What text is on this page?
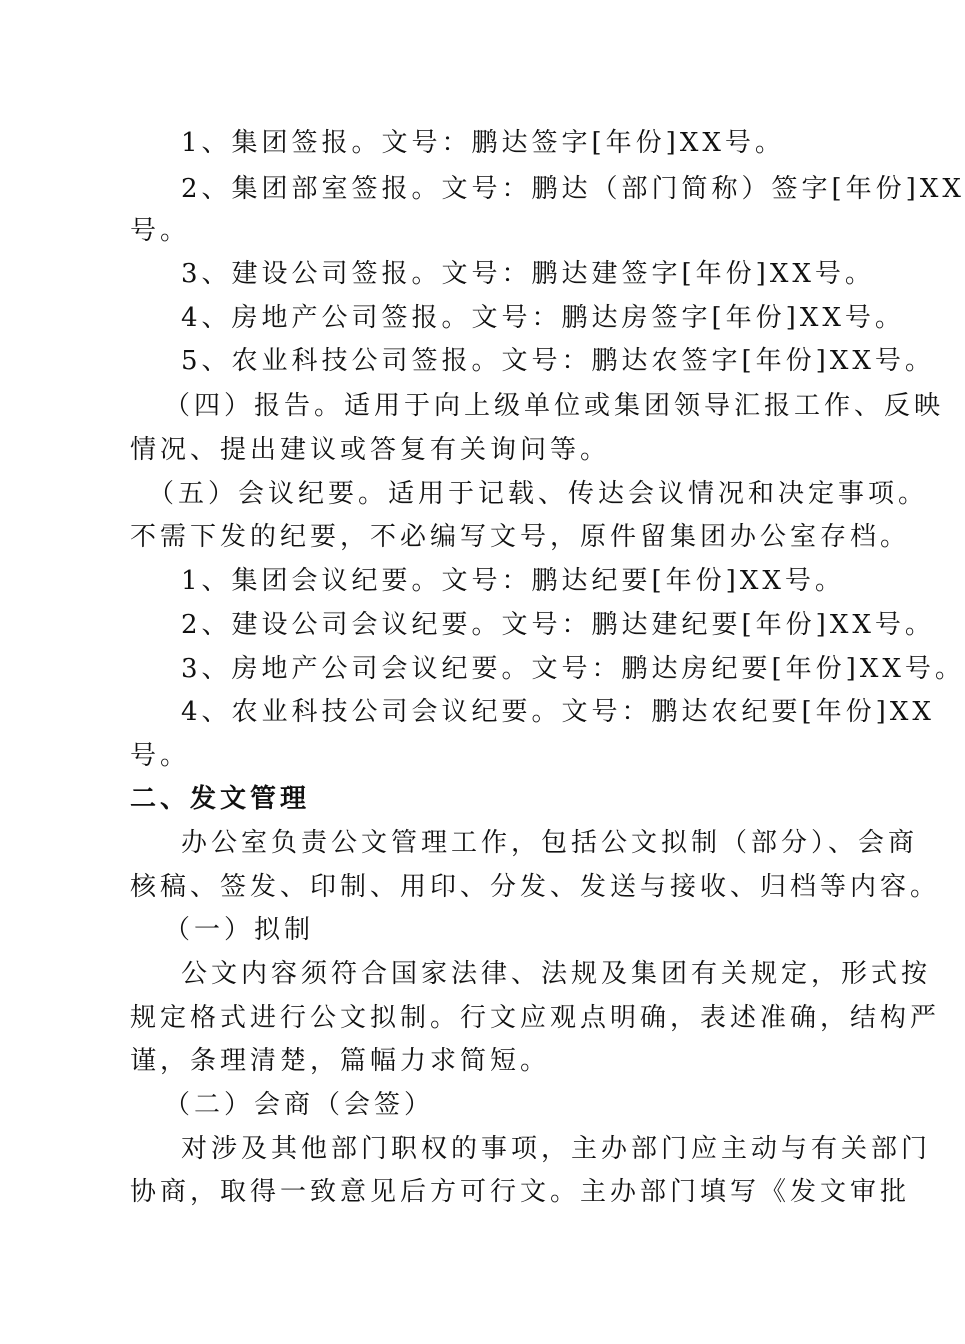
1、集团签报。文号：鹏达签字[年份]XX号。
2、集团部室签报。文号：鹏达（部门简称）签字[年份]XX
号。
3、建设公司签报。文号：鹏达建签字[年份]XX号。
4、房地产公司签报。文号：鹏达房签字[年份]XX号。
5、农业科技公司签报。文号：鹏达农签字[年份]XX号。
（四）报告。适用于向上级单位或集团领导汇报工作、反映
情况、提出建议或答复有关询问等。
（五）会议纪要。适用于记载、传达会议情况和决定事项。
不需下发的纪要，不必编写文号，原件留集团办公室存档。
1、集团会议纪要。文号：鹏达纪要[年份]XX号。
2、建设公司会议纪要。文号：鹏达建纪要[年份]XX号。
3、房地产公司会议纪要。文号：鹏达房纪要[年份]XX号。
4、农业科技公司会议纪要。文号：鹏达农纪要[年份]XX
号。
二、发文管理
办公室负责公文管理工作，包括公文拟制（部分）、会商
核稿、签发、印制、用印、分发、发送与接收、归档等内容。
（一）拟制
公文内容须符合国家法律、法规及集团有关规定，形式按
规定格式进行公文拟制。行文应观点明确，表述准确，结构严
谨，条理清楚，篇幅力求简短。
（二）会商（会签）
对涉及其他部门职权的事项，主办部门应主动与有关部门
协商，取得一致意见后方可行文。主办部门填写《发文审批
